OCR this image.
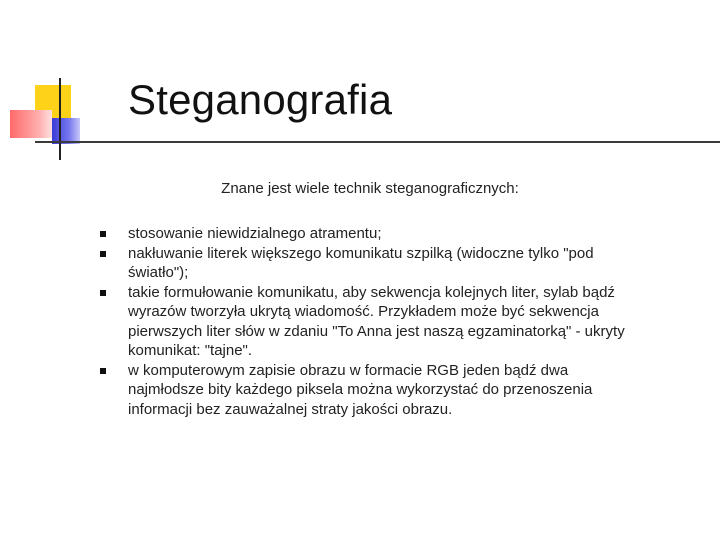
Steganografia
Znane jest wiele technik steganograficznych:
stosowanie niewidzialnego atramentu;
nakłuwanie literek większego komunikatu szpilką (widoczne tylko "pod światło");
takie formułowanie komunikatu, aby sekwencja kolejnych liter, sylab bądź wyrazów tworzyła ukrytą wiadomość. Przykładem może być sekwencja pierwszych liter słów w zdaniu "To Anna jest naszą egzaminatorką" - ukryty komunikat: "tajne".
w komputerowym zapisie obrazu w formacie RGB jeden bądź dwa najmłodsze bity każdego piksela można wykorzystać do przenoszenia informacji bez zauważalnej straty jakości obrazu.
